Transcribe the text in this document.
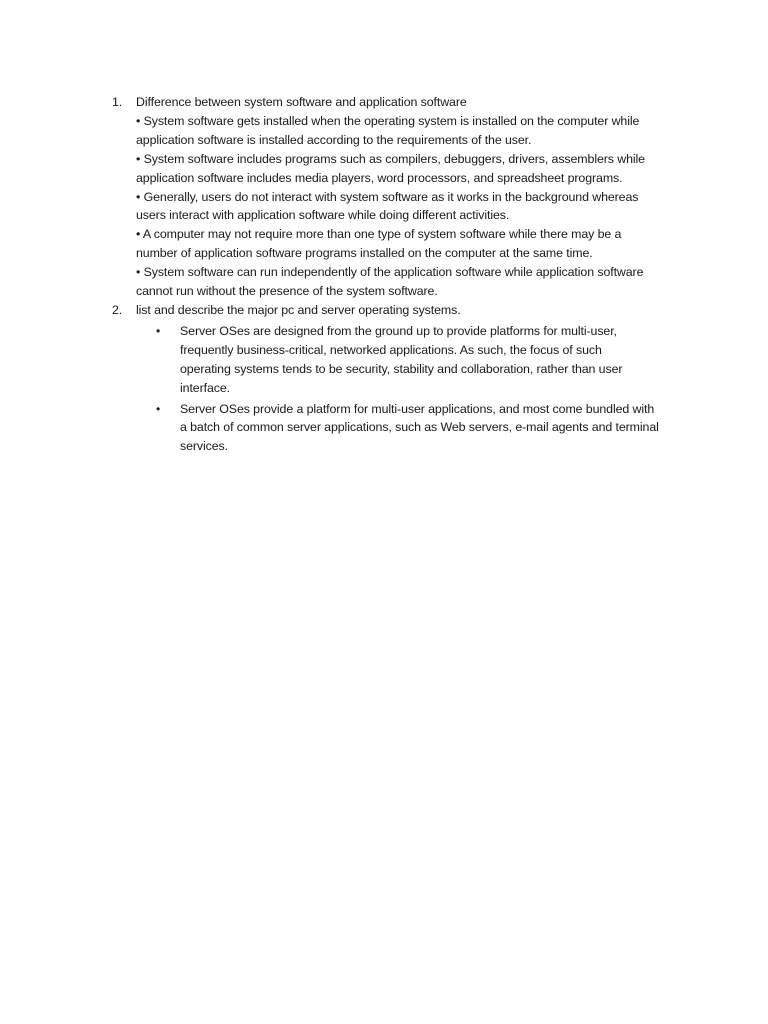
1.	Difference between system software and application software
• System software gets installed when the operating system is installed on the computer while
application software is installed according to the requirements of the user.
• System software includes programs such as compilers, debuggers, drivers, assemblers while
application software includes media players, word processors, and spreadsheet programs.
• Generally, users do not interact with system software as it works in the background whereas
users interact with application software while doing different activities.
• A computer may not require more than one type of system software while there may be a
number of application software programs installed on the computer at the same time.
• System software can run independently of the application software while application software
cannot run without the presence of the system software.
2.	list and describe the major pc and server operating systems.
•	Server OSes are designed from the ground up to provide platforms for multi-user,
frequently business-critical, networked applications. As such, the focus of such
operating systems tends to be security, stability and collaboration, rather than user
interface.
•	Server OSes provide a platform for multi-user applications, and most come bundled with
a batch of common server applications, such as Web servers, e-mail agents and terminal
services.
